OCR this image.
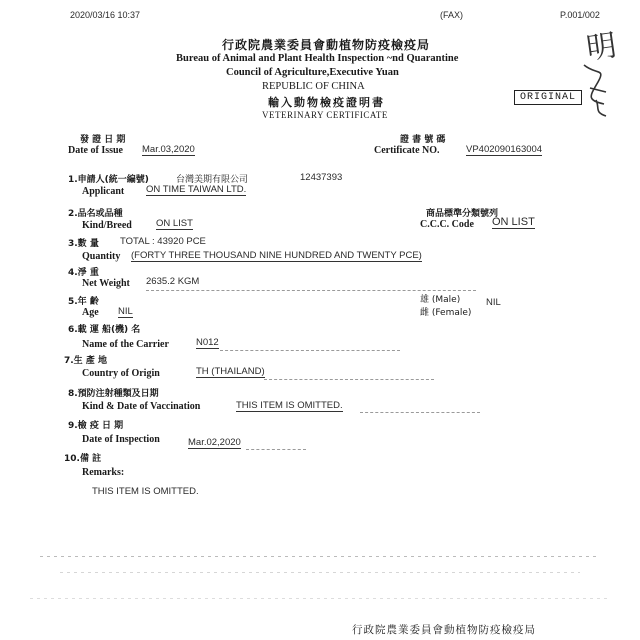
2020/03/16 10:37	(FAX)	P.001/002
明
行政院農業委員會動植物防疫檢疫局
Bureau of Animal and Plant Health Inspection ~nd Quarantine
Council of Agriculture,Executive Yuan
REPUBLIC OF CHINA
輸入動物檢疫證明書
VETERINARY CERTIFICATE
ORIGINAL
發 證 日 期
Date of Issue Mar.03,2020
證 書 號 碼
Certificate NO.	VP402090163004
1.申請人(統一編號)	台灣美期有限公司	12437393
Applicant ON TIME TAIWAN LTD.
2.品名或品種
Kind/Breed	ON LIST
商品標準分類號列
C.C.C. Code ON LIST
3.數 量 TOTAL : 43920 PCE
Quantity (FORTY THREE THOUSAND NINE HUNDRED AND TWENTY PCE)
4.淨 重
Net Weight 2635.2 KGM
5.年 齡
Age NIL
雄 (Male)
雌 (Female)
NIL
6.載 運 船(機) 名
Name of the Carrier	N012
7.生 產 地
Country of Origin	TH (THAILAND)
8.預防注射種類及日期
Kind & Date of Vaccination	THIS ITEM IS OMITTED.
9.檢 疫 日 期
Date of Inspection	Mar.02,2020
10.備 註
Remarks:
THIS ITEM IS OMITTED.
行政院農業委員會動植物防疫檢疫局
